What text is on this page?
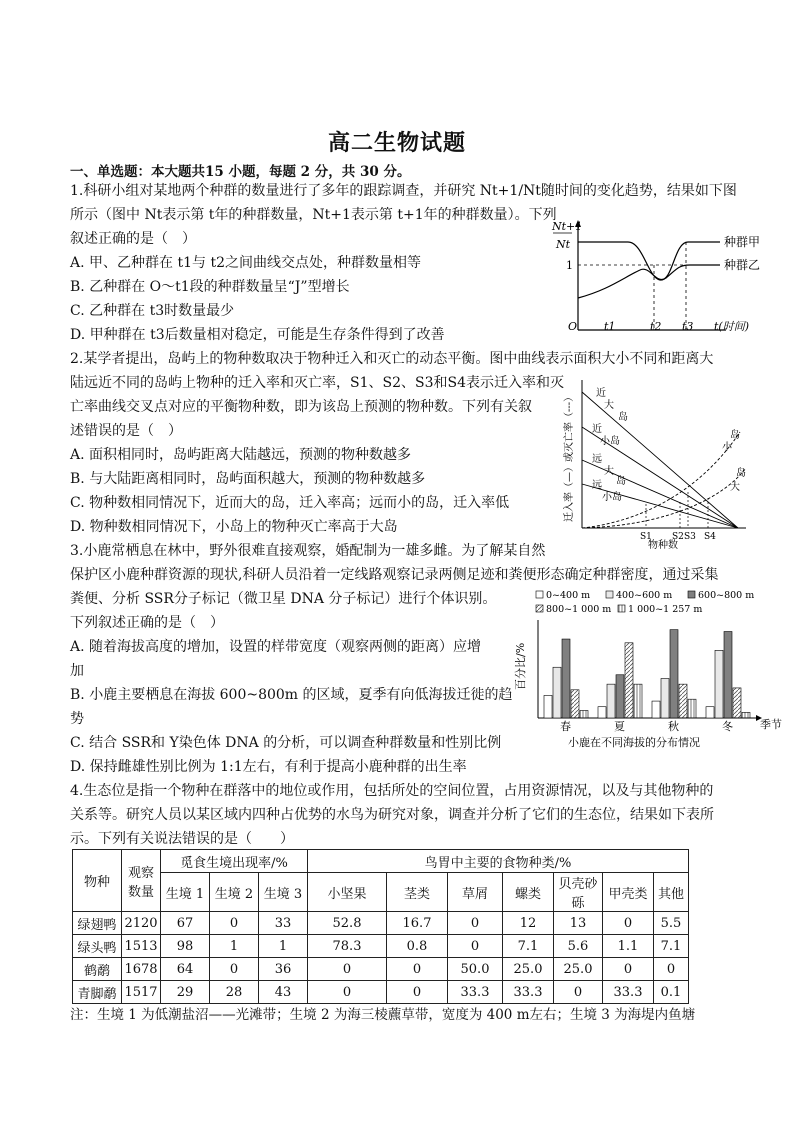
高二生物试题
一、单选题：本大题共15 小题，每题 2 分，共 30 分。
1.科研小组对某地两个种群的数量进行了多年的跟踪调查，并研究 Nt+1/Nt随时间的变化趋势，结果如下图
所示（图中 Nt表示第 t年的种群数量，Nt+1表示第 t+1年的种群数量）。下列
叙述正确的是（　）
A. 甲、乙种群在 t1与 t2之间曲线交点处，种群数量相等
B. 乙种群在 O～t1段的种群数量呈“J”型增长
C. 乙种群在 t3时数量最少
D. 甲种群在 t3后数量相对稳定，可能是生存条件得到了改善
Nt+1
Nt
1
种群甲
种群乙
O t1	t2 t3 t(时间)
2.某学者提出，岛屿上的物种数取决于物种迁入和灭亡的动态平衡。图中曲线表示面积大小不同和距离大
陆远近不同的岛屿上物种的迁入率和灭亡率，S1、S2、S3和S4表示迁入率和灭
亡率曲线交叉点对应的平衡物种数，即为该岛上预测的物种数。下列有关叙
述错误的是（　）
A. 面积相同时，岛屿距离大陆越远，预测的物种数越多
B. 与大陆距离相同时，岛屿面积越大，预测的物种数越多
C. 物种数相同情况下，近而大的岛，迁入率高；远而小的岛，迁入率低
D. 物种数相同情况下，小岛上的物种灭亡率高于大岛
迁入率（—）或灭亡率（---）
物种数
近
大
岛
近
小岛
远
大
岛
远
小岛
岛
小
岛
大
S1 S2 S3 S4
3.小鹿常栖息在林中，野外很难直接观察，婚配制为一雄多雌。为了解某自然
保护区小鹿种群资源的现状,科研人员沿着一定线路观察记录两侧足迹和粪便形态确定种群密度，通过采集
粪便、分析 SSR分子标记（微卫星 DNA 分子标记）进行个体识别。
下列叙述正确的是（　）
A. 随着海拔高度的增加，设置的样带宽度（观察两侧的距离）应增
加
B. 小鹿主要栖息在海拔 600~800m 的区域，夏季有向低海拔迁徙的趋
势
C. 结合 SSR和 Y染色体 DNA 的分析，可以调查种群数量和性别比例
D. 保持雌雄性别比例为 1:1左右，有利于提高小鹿种群的出生率
0~400 m	400~600 m	600~800 m
800~1 000 m 1 000~1 257 m
春	夏	秋	冬
百分比/%
季节
小鹿在不同海拔的分布情况
4.生态位是指一个物种在群落中的地位或作用，包括所处的空间位置，占用资源情况，以及与其他物种的
关系等。研究人员以某区域内四种占优势的水鸟为研究对象，调查并分析了它们的生态位，结果如下表所
示。下列有关说法错误的是（　　）
物种	观察数量	觅食生境出现率/%			鸟胃中主要的食物种类/%						
		生境 1	生境 2	生境 3	小坚果	茎类	草屑	螺类	贝壳砂砾	甲壳类	其他
绿翅鸭	2120	67	0	33	52.8	16.7	0	12	13	0	5.5
绿头鸭	1513	98	1	1	78.3	0.8	0	7.1	5.6	1.1	7.1
鹤鹬	1678	64	0	36	0	0	50.0	25.0	25.0	0	0
青脚鹬	1517	29	28	43	0	0	33.3	33.3	0	33.3	0.1
注：生境 1 为低潮盐沼——光滩带；生境 2 为海三棱藨草带，宽度为 400 m左右；生境 3 为海堤内鱼塘
